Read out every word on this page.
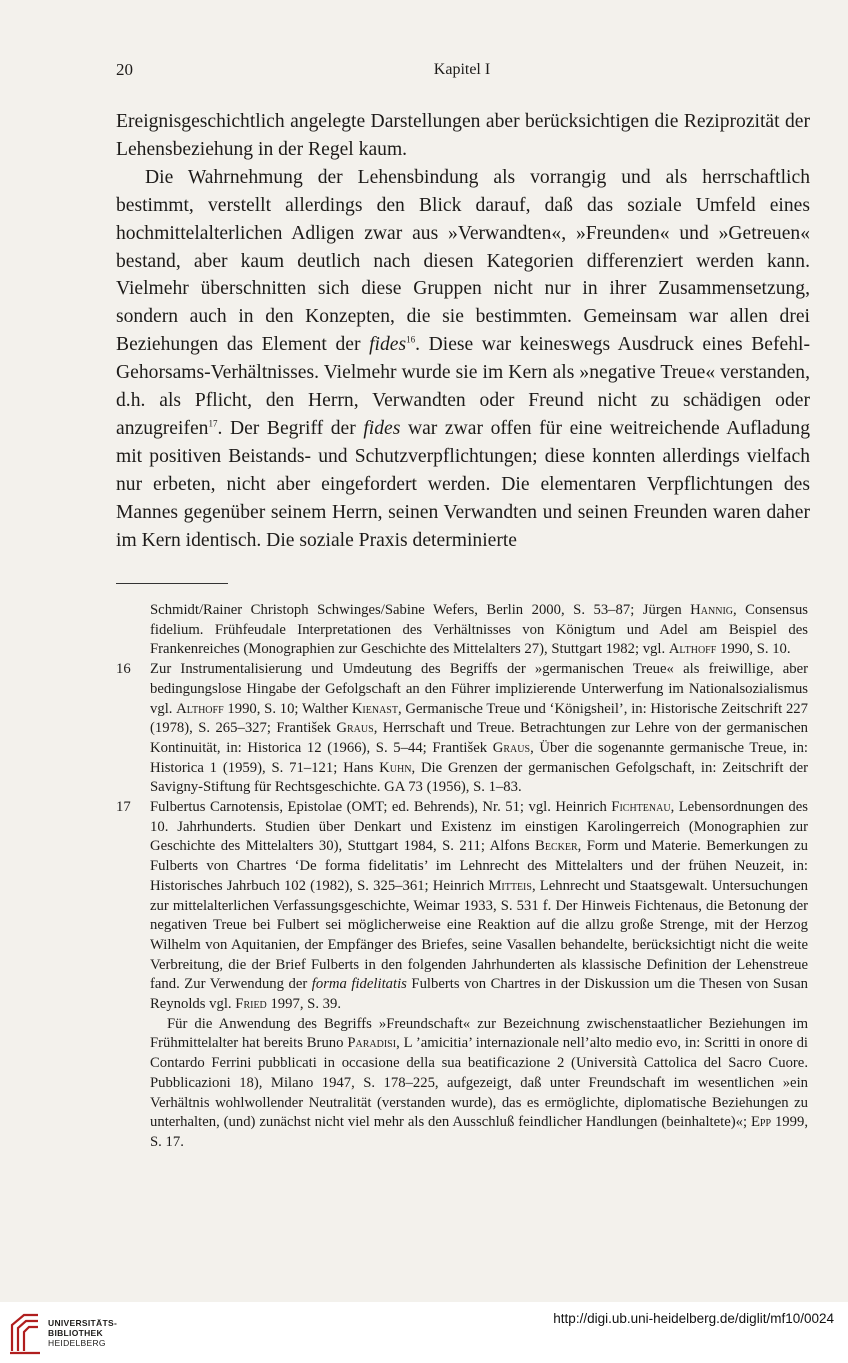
20	Kapitel I

Ereignisgeschichtlich angelegte Darstellungen aber berücksichtigen die Reziprozität der Lehensbeziehung in der Regel kaum.

Die Wahrnehmung der Lehensbindung als vorrangig und als herrschaftlich bestimmt, verstellt allerdings den Blick darauf, daß das soziale Umfeld eines hochmittelalterlichen Adligen zwar aus »Verwandten«, »Freunden« und »Getreuen« bestand, aber kaum deutlich nach diesen Kategorien differenziert werden kann. Vielmehr überschnitten sich diese Gruppen nicht nur in ihrer Zusammensetzung, sondern auch in den Konzepten, die sie bestimmten. Gemeinsam war allen drei Beziehungen das Element der fides$^{16}$. Diese war keineswegs Ausdruck eines Befehl-Gehorsams-Verhältnisses. Vielmehr wurde sie im Kern als »negative Treue« verstanden, d.h. als Pflicht, den Herrn, Verwandten oder Freund nicht zu schädigen oder anzugreifen$^{17}$. Der Begriff der fides war zwar offen für eine weitreichende Aufladung mit positiven Beistands- und Schutzverpflichtungen; diese konnten allerdings vielfach nur erbeten, nicht aber eingefordert werden. Die elementaren Verpflichtungen des Mannes gegenüber seinem Herrn, seinen Verwandten und seinen Freunden waren daher im Kern identisch. Die soziale Praxis determinierte

Schmidt/Rainer Christoph Schwinges/Sabine Wefers, Berlin 2000, S. 53–87; Jürgen Hannig, Consensus fidelium. Frühfeudale Interpretationen des Verhältnisses von Königtum und Adel am Beispiel des Frankenreiches (Monographien zur Geschichte des Mittelalters 27), Stuttgart 1982; vgl. Althoff 1990, S. 10.

16 Zur Instrumentalisierung und Umdeutung des Begriffs der »germanischen Treue« als freiwillige, aber bedingungslose Hingabe der Gefolgschaft an den Führer implizierende Unterwerfung im Nationalsozialismus vgl. Althoff 1990, S. 10; Walther Kienast, Germanische Treue und ‘Königsheil’, in: Historische Zeitschrift 227 (1978), S. 265–327; František Graus, Herrschaft und Treue. Betrachtungen zur Lehre von der germanischen Kontinuität, in: Historica 12 (1966), S. 5–44; František Graus, Über die sogenannte germanische Treue, in: Historica 1 (1959), S. 71–121; Hans Kuhn, Die Grenzen der germanischen Gefolgschaft, in: Zeitschrift der Savigny-Stiftung für Rechtsgeschichte. GA 73 (1956), S. 1–83.

17 Fulbertus Carnotensis, Epistolae (OMT; ed. Behrends), Nr. 51; vgl. Heinrich Fichtenau, Lebensordnungen des 10. Jahrhunderts. Studien über Denkart und Existenz im einstigen Karolingerreich (Monographien zur Geschichte des Mittelalters 30), Stuttgart 1984, S. 211; Alfons Becker, Form und Materie. Bemerkungen zu Fulberts von Chartres ‘De forma fidelitatis’ im Lehnrecht des Mittelalters und der frühen Neuzeit, in: Historisches Jahrbuch 102 (1982), S. 325–361; Heinrich Mitteis, Lehnrecht und Staatsgewalt. Untersuchungen zur mittelalterlichen Verfassungsgeschichte, Weimar 1933, S. 531 f. Der Hinweis Fichtenaus, die Betonung der negativen Treue bei Fulbert sei möglicherweise eine Reaktion auf die allzu große Strenge, mit der Herzog Wilhelm von Aquitanien, der Empfänger des Briefes, seine Vasallen behandelte, berücksichtigt nicht die weite Verbreitung, die der Brief Fulberts in den folgenden Jahrhunderten als klassische Definition der Lehenstreue fand. Zur Verwendung der forma fidelitatis Fulberts von Chartres in der Diskussion um die Thesen von Susan Reynolds vgl. Fried 1997, S. 39.

Für die Anwendung des Begriffs »Freundschaft« zur Bezeichnung zwischenstaatlicher Beziehungen im Frühmittelalter hat bereits Bruno Paradisi, L ’amicitia’ internazionale nell’alto medio evo, in: Scritti in onore di Contardo Ferrini pubblicati in occasione della sua beatificazione 2 (Università Cattolica del Sacro Cuore. Pubblicazioni 18), Milano 1947, S. 178–225, aufgezeigt, daß unter Freundschaft im wesentlichen »ein Verhältnis wohlwollender Neutralität (verstanden wurde), das es ermöglichte, diplomatische Beziehungen zu unterhalten, (und) zunächst nicht viel mehr als den Ausschluß feindlicher Handlungen (beinhaltete)«; Epp 1999, S. 17.

UNIVERSITÄTS-
BIBLIOTHEK
HEIDELBERG
http://digi.ub.uni-heidelberg.de/diglit/mf10/0024
